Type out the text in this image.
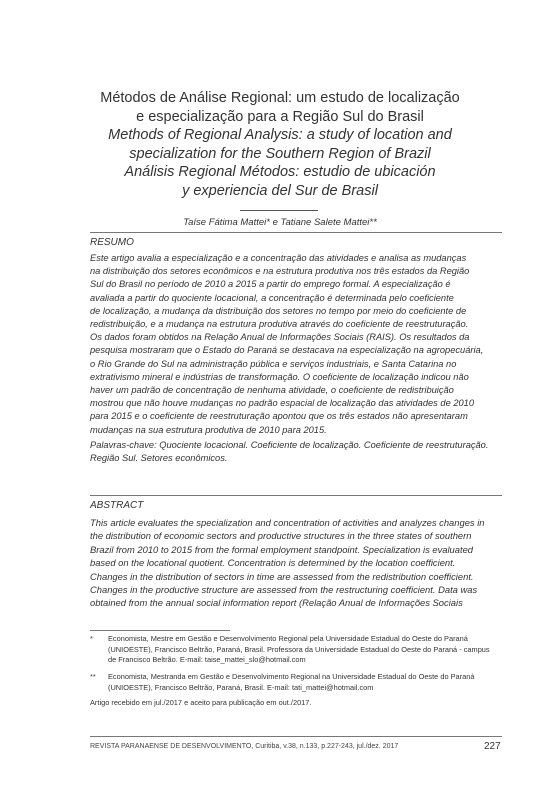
Métodos de Análise Regional: um estudo de localização
e especialização para a Região Sul do Brasil
Methods of Regional Analysis: a study of location and
specialization for the Southern Region of Brazil
Análisis Regional Métodos: estudio de ubicación
y experiencia del Sur de Brasil
Taíse Fátima Mattei* e Tatiane Salete Mattei**
RESUMO
Este artigo avalia a especialização e a concentração das atividades e analisa as mudanças
na distribuição dos setores econômicos e na estrutura produtiva nos três estados da Região
Sul do Brasil no período de 2010 a 2015 a partir do emprego formal. A especialização é
avaliada a partir do quociente locacional, a concentração é determinada pelo coeficiente
de localização, a mudança da distribuição dos setores no tempo por meio do coeficiente de
redistribuição, e a mudança na estrutura produtiva através do coeficiente de reestruturação.
Os dados foram obtidos na Relação Anual de Informações Sociais (RAIS). Os resultados da
pesquisa mostraram que o Estado do Paraná se destacava na especialização na agropecuária,
o Rio Grande do Sul na administração pública e serviços industriais, e Santa Catarina no
extrativismo mineral e indústrias de transformação. O coeficiente de localização indicou não
haver um padrão de concentração de nenhuma atividade, o coeficiente de redistribuição
mostrou que não houve mudanças no padrão espacial de localização das atividades de 2010
para 2015 e o coeficiente de reestruturação apontou que os três estados não apresentaram
mudanças na sua estrutura produtiva de 2010 para 2015.
Palavras-chave: Quociente locacional. Coeficiente de localização. Coeficiente de reestruturação.
Região Sul. Setores econômicos.
ABSTRACT
This article evaluates the specialization and concentration of activities and analyzes changes in
the distribution of economic sectors and productive structures in the three states of southern
Brazil from 2010 to 2015 from the formal employment standpoint. Specialization is evaluated
based on the locational quotient. Concentration is determined by the location coefficient.
Changes in the distribution of sectors in time are assessed from the redistribution coefficient.
Changes in the productive structure are assessed from the restructuring coefficient. Data was
obtained from the annual social information report (Relação Anual de Informações Sociais
*	Economista, Mestre em Gestão e Desenvolvimento Regional pela Universidade Estadual do Oeste do Paraná
(UNIOESTE), Francisco Beltrão, Paraná, Brasil. Professora da Universidade Estadual do Oeste do Paraná - campus
de Francisco Beltrão. E-mail: taise_mattei_slo@hotmail.com
**	Economista, Mestranda em Gestão e Desenvolvimento Regional na Universidade Estadual do Oeste do Paraná
(UNIOESTE), Francisco Beltrão, Paraná, Brasil. E-mail: tati_mattei@hotmail.com
Artigo recebido em jul./2017 e aceito para publicação em out./2017.
REVISTA PARANAENSE DE DESENVOLVIMENTO, Curitiba, v.38, n.133, p.227-243, jul./dez. 2017	227
